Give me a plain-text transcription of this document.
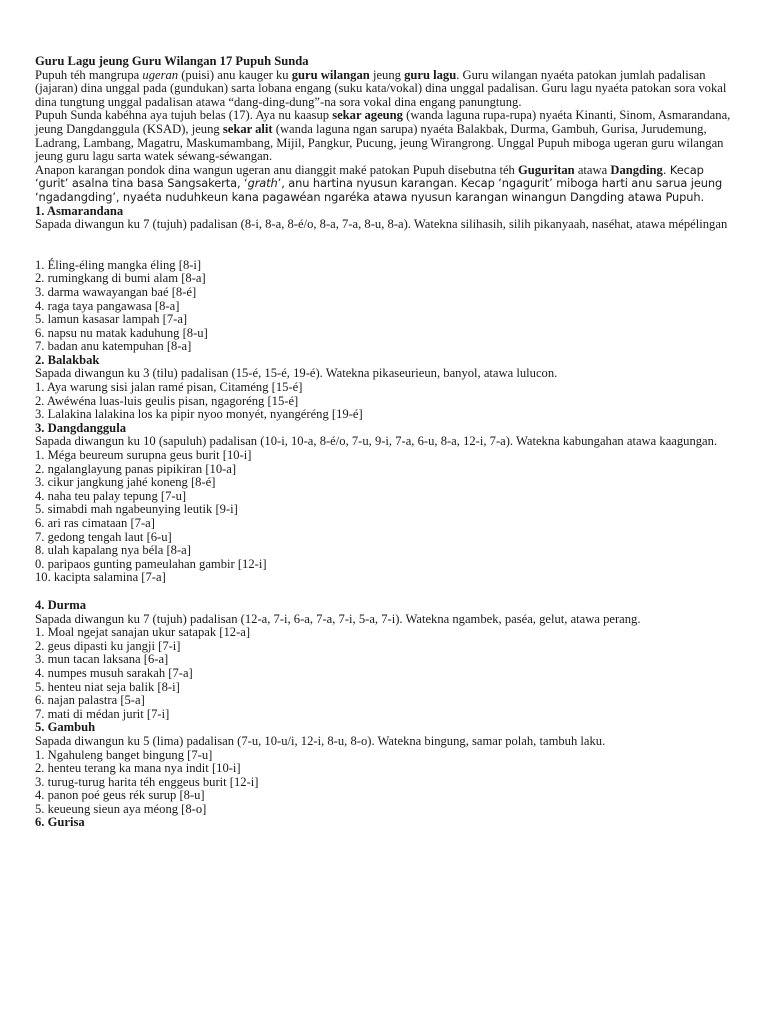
Guru Lagu jeung Guru Wilangan 17 Pupuh Sunda

Pupuh téh mangrupa ugeran (puisi) anu kauger ku guru wilangan jeung guru lagu. Guru wilangan nyaéta patokan jumlah padalisan (jajaran) dina unggal pada (gundukan) sarta lobana engang (suku kata/vokal) dina unggal padalisan. Guru lagu nyaéta patokan sora vokal dina tungtung unggal padalisan atawa “dang-ding-dung”-na sora vokal dina engang panungtung.

Pupuh Sunda kabéhna aya tujuh belas (17). Aya nu kaasup sekar ageung (wanda laguna rupa-rupa) nyaéta Kinanti, Sinom, Asmarandana, jeung Dangdanggula (KSAD), jeung sekar alit (wanda laguna ngan sarupa) nyaéta Balakbak, Durma, Gambuh, Gurisa, Jurudemung, Ladrang, Lambang, Magatru, Maskumambang, Mijil, Pangkur, Pucung, jeung Wirangrong. Unggal Pupuh miboga ugeran guru wilangan jeung guru lagu sarta watek séwang-séwangan.

Anapon karangan pondok dina wangun ugeran anu dianggit maké patokan Pupuh disebutna téh Guguritan atawa Dangding. Kecap ‘gurit’ asalna tina basa Sangsakerta, ‘grath’, anu hartina nyusun karangan. Kecap ‘ngagurit’ miboga harti anu sarua jeung ‘ngadangding’, nyaéta nuduhkeun kana pagawéan ngaréka atawa nyusun karangan winangun Dangding atawa Pupuh.

1. Asmarandana

Sapada diwangun ku 7 (tujuh) padalisan (8-i, 8-a, 8-é/o, 8-a, 7-a, 8-u, 8-a). Watekna silihasih, silih pikanyaah, naséhat, atawa mépélingan

1. Éling-éling mangka éling [8-i]

2. rumingkang di bumi alam [8-a]

3. darma wawayangan baé [8-é]

4. raga taya pangawasa [8-a]

5. lamun kasasar lampah [7-a]

6. napsu nu matak kaduhung [8-u]

7. badan anu katempuhan [8-a]

2. Balakbak

Sapada diwangun ku 3 (tilu) padalisan (15-é, 15-é, 19-é). Watekna pikaseurieun, banyol, atawa lulucon.

1. Aya warung sisi jalan ramé pisan, Citaméng [15-é]

2. Awéwéna luas-luis geulis pisan, ngagoréng [15-é]

3. Lalakina lalakina los ka pipir nyoo monyét, nyangéréng [19-é]

3. Dangdanggula

Sapada diwangun ku 10 (sapuluh) padalisan (10-i, 10-a, 8-é/o, 7-u, 9-i, 7-a, 6-u, 8-a, 12-i, 7-a). Watekna kabungahan atawa kaagungan.

1. Méga beureum surupna geus burit [10-i]

2. ngalanglayung panas pipikiran [10-a]

3. cikur jangkung jahé koneng [8-é]

4. naha teu palay tepung [7-u]

5. simabdi mah ngabeunying leutik [9-i]

6. ari ras cimataan [7-a]

7. gedong tengah laut [6-u]

8. ulah kapalang nya béla [8-a]

0. paripaos gunting pameulahan gambir [12-i]

10. kacipta salamina [7-a]

4. Durma

Sapada diwangun ku 7 (tujuh) padalisan (12-a, 7-i, 6-a, 7-a, 7-i, 5-a, 7-i). Watekna ngambek, paséa, gelut, atawa perang.

1. Moal ngejat sanajan ukur satapak [12-a]

2. geus dipasti ku jangji [7-i]

3. mun tacan laksana [6-a]

4. numpes musuh sarakah [7-a]

5. henteu niat seja balik [8-i]

6. najan palastra [5-a]

7. mati di médan jurit [7-i]

5. Gambuh

Sapada diwangun ku 5 (lima) padalisan (7-u, 10-u/i, 12-i, 8-u, 8-o). Watekna bingung, samar polah, tambuh laku.

1. Ngahuleng banget bingung [7-u]

2. henteu terang ka mana nya indit [10-i]

3. turug-turug harita téh enggeus burit [12-i]

4. panon poé geus rék surup [8-u]

5. keueung sieun aya méong [8-o]

6. Gurisa
